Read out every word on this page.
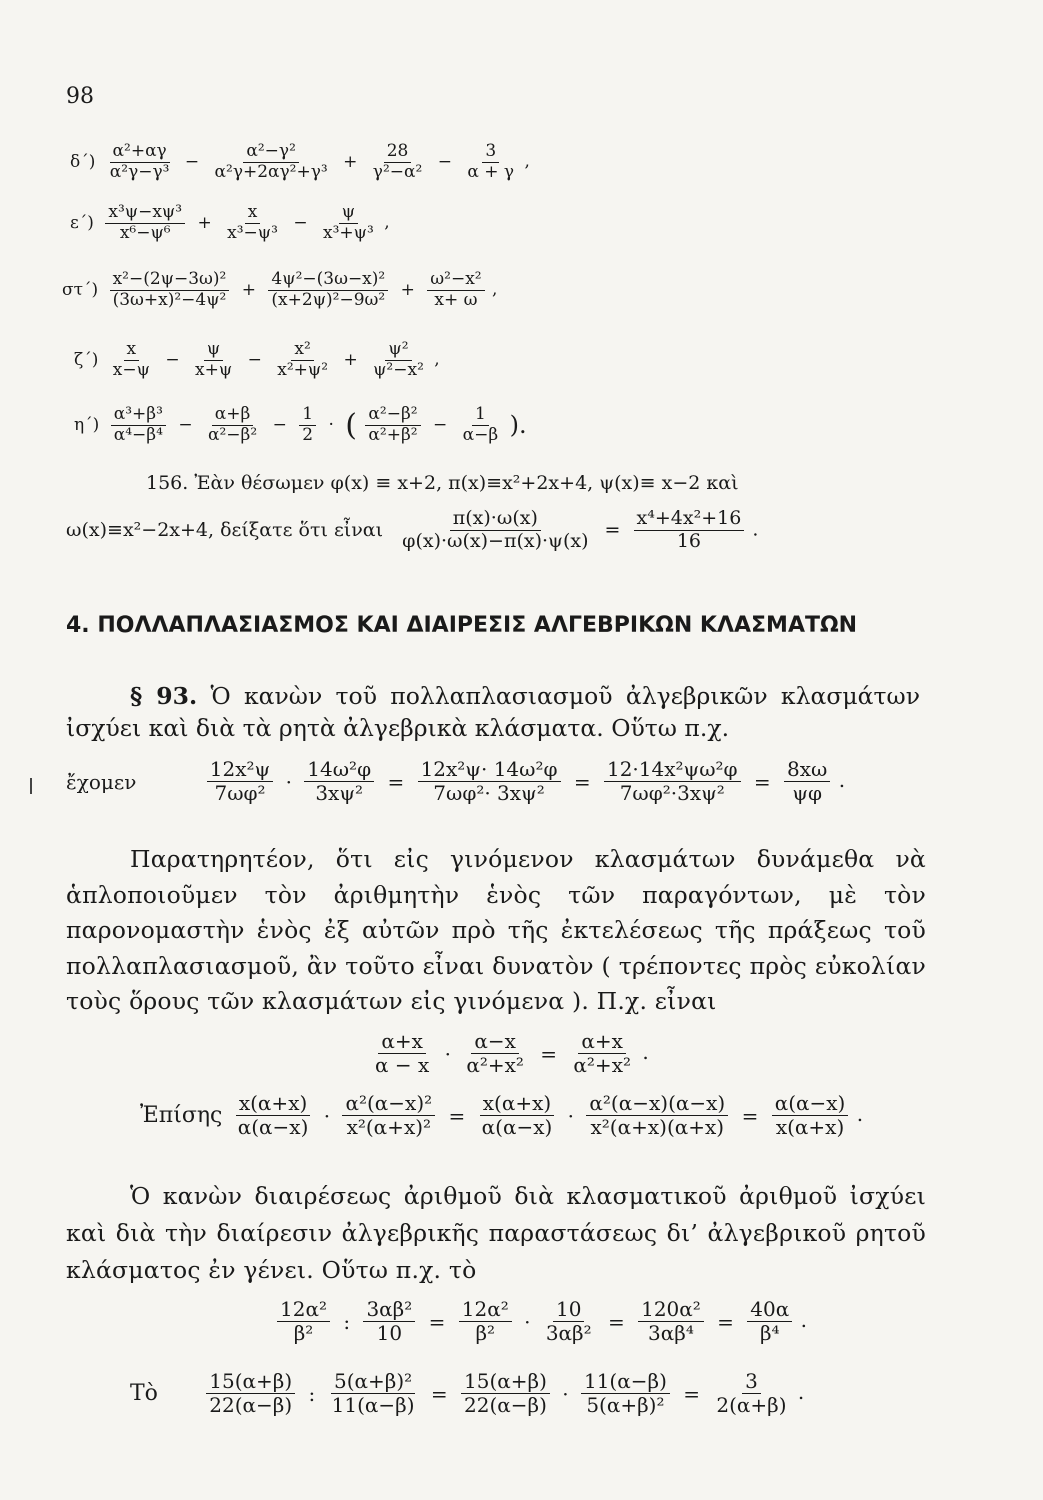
98
$\delta΄) \frac{\text{α²+αγ}}{\text{α²γ−γ³}} - \frac{\text{α²−γ²}}{\text{α²γ+2αγ²+γ³}} + \frac{28}{\text{γ²−α²}} - \frac{3}{\alpha + \gamma}$ ,
$\varepsilon΄) \frac{\text{x³ψ−xψ³}}{\text{x⁶−ψ⁶}} + \frac{x}{\text{x³−ψ³}} - \frac{\psi}{\text{x³+ψ³}}$ ,
$\sigma\tau΄) \frac{\text{x²−(2ψ−3ω)²}}{\text{(3ω+x)²−4ψ²}} + \frac{\text{4ψ²−(3ω−x)²}}{\text{(x+2ψ)²−9ω²}} + \frac{\text{ω²−x²}}{x+ \omega}$ ,
$\zeta΄) \frac{x}{x-\psi} - \frac{\psi}{x+\psi} - \frac{\text{x²}}{\text{x²+ψ²}} + \frac{\text{ψ²}}{\text{ψ²−x²}}$ ,
$\eta΄) \frac{\text{α³+β³}}{\text{α⁴−β⁴}} - \frac{\alpha+\beta}{\text{α²−β²}} - \frac{1}{2}$ · ( $\frac{\text{α²−β²}}{\text{α²+β²}} - \frac{1}{\alpha-\beta}$ ).
156. Ἐὰν θέσωμεν φ(x) ≡ x+2, π(x)≡x²+2x+4, ψ(x)≡ x−2 καὶ
ω(x)≡x²−2x+4, δείξατε ὅτι εἶναι $\frac{\pi(x)\cdot\omega(x)}{\varphi(x)\cdot\omega(x)-\pi(x)\cdot\psi(x)} = \frac{\text{x⁴+4x²+16}}{16}$ .
4. ΠΟΛΛΑΠΛΑΣΙΑΣΜΟΣ ΚΑΙ ΔΙΑΙΡΕΣΙΣ ΑΛΓΕΒΡΙΚΩΝ ΚΛΑΣΜΑΤΩΝ

§ 93. Ὁ κανὼν τοῦ πολλαπλασιασμοῦ ἀλγεβρικῶν κλασμάτων ἰσχύει καὶ διὰ τὰ ρητὰ ἀλγεβρικὰ κλάσματα. Οὕτω π.χ.

ἔχομεν	$\frac{\text{12x²ψ}}{\text{7ωφ²}} \cdot \frac{\text{14ω²φ}}{\text{3xψ²}} = \frac{\text{12x²ψ· 14ω²φ}}{\text{7ωφ²· 3xψ²}} = \frac{\text{12·14x²ψω²φ}}{\text{7ωφ²·3xψ²}} = \frac{8x\omega}{\psi\varphi}$ .

Παρατηρητέον, ὅτι εἰς γινόμενον κλασμάτων δυνάμεθα νὰ ἁπλοποιοῦμεν τὸν ἀριθμητὴν ἑνὸς τῶν παραγόντων, μὲ τὸν παρονομαστὴν ἑνὸς ἐξ αὐτῶν πρὸ τῆς ἐκτελέσεως τῆς πράξεως τοῦ πολλαπλασιασμοῦ, ἂν τοῦτο εἶναι δυνατὸν ( τρέποντες πρὸς εὐκολίαν τοὺς ὅρους τῶν κλασμάτων εἰς γινόμενα ). Π.χ. εἶναι

$\frac{\alpha+x}{\alpha - x} \cdot \frac{\alpha-x}{\text{α²+x²}} = \frac{\alpha+x}{\text{α²+x²}}$ .
Ἐπίσης $\frac{x(\alpha+x)}{\alpha(\alpha-x)} \cdot \frac{\text{α²(α−x)²}}{\text{x²(α+x)²}} = \frac{x(\alpha+x)}{\alpha(\alpha-x)} \cdot \frac{\text{α²(α−x)(α−x)}}{\text{x²(α+x)(α+x)}} = \frac{\alpha(\alpha-x)}{x(\alpha+x)}$ .

Ὁ κανὼν διαιρέσεως ἀριθμοῦ διὰ κλασματικοῦ ἀριθμοῦ ἰσχύει καὶ διὰ τὴν διαίρεσιν ἀλγεβρικῆς παραστάσεως δι’ ἀλγεβρικοῦ ρητοῦ κλάσματος ἐν γένει. Οὕτω π.χ. τὸ

$\frac{\text{12α²}}{\text{β²}}$ : $\frac{\text{3αβ²}}{10} = \frac{\text{12α²}}{\text{β²}} \cdot \frac{10}{\text{3αβ²}} = \frac{\text{120α²}}{\text{3αβ⁴}} = \frac{40\alpha}{\text{β⁴}}$ .
Τὸ $\frac{15(\alpha+\beta)}{22(\alpha-\beta)}$ : $\frac{\text{5(α+β)²}}{11(\alpha-\beta)} = \frac{15(\alpha+\beta)}{22(\alpha-\beta)} \cdot \frac{11(\alpha-\beta)}{\text{5(α+β)²}} = \frac{3}{2(\alpha+\beta)}$ .
